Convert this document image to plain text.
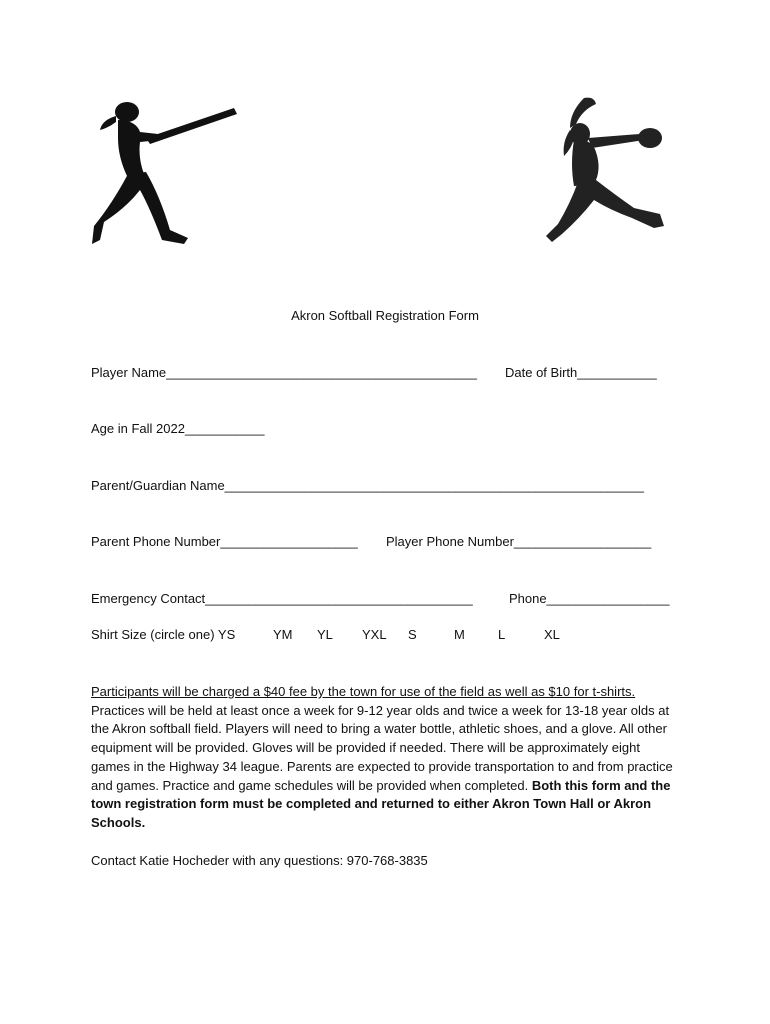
Akron Softball Registration Form
Player Name___________________________________________ Date of Birth___________
Age in Fall 2022___________
Parent/Guardian Name__________________________________________________________
Parent Phone Number___________________ Player Phone Number___________________
Emergency Contact_____________________________________	Phone_________________
Shirt Size (circle one) YS	YM YL YXL S	M	L	XL
Participants will be charged a $40 fee by the town for use of the field as well as $10 for t-shirts. Practices will be held at least once a week for 9-12 year olds and twice a week for 13-18 year olds at the Akron softball field. Players will need to bring a water bottle, athletic shoes, and a glove. All other equipment will be provided. Gloves will be provided if needed. There will be approximately eight games in the Highway 34 league. Parents are expected to provide transportation to and from practice and games. Practice and game schedules will be provided when completed. Both this form and the town registration form must be completed and returned to either Akron Town Hall or Akron Schools.
Contact Katie Hocheder with any questions: 970-768-3835
